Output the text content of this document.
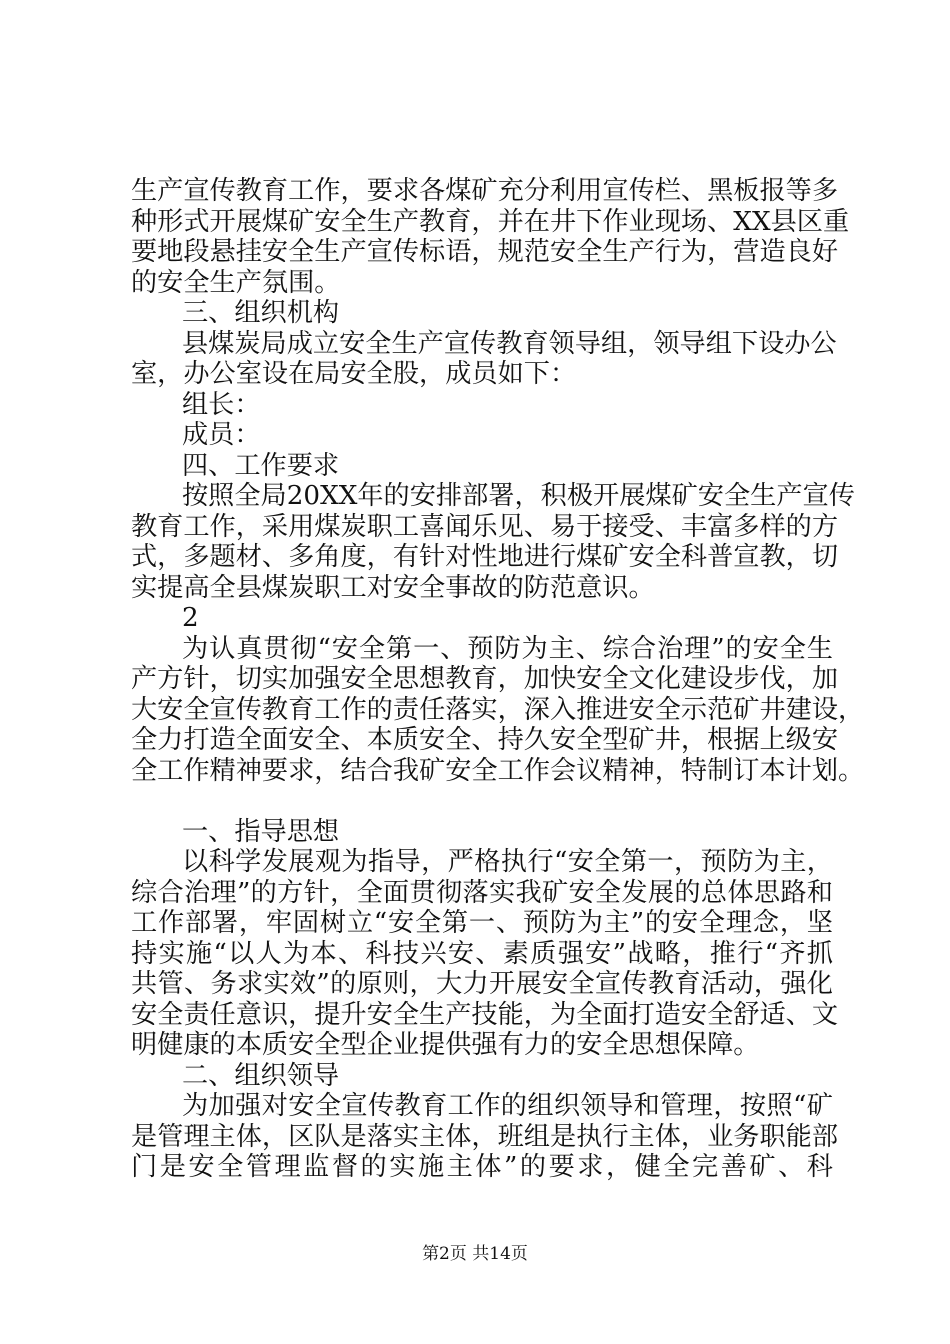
生产宣传教育工作，要求各煤矿充分利用宣传栏、黑板报等多
种形式开展煤矿安全生产教育，并在井下作业现场、XX县区重
要地段悬挂安全生产宣传标语，规范安全生产行为，营造良好
的安全生产氛围。
三、组织机构
县煤炭局成立安全生产宣传教育领导组，领导组下设办公
室，办公室设在局安全股，成员如下：
组长：
成员：
四、工作要求
按照全局20XX年的安排部署，积极开展煤矿安全生产宣传
教育工作，采用煤炭职工喜闻乐见、易于接受、丰富多样的方
式，多题材、多角度，有针对性地进行煤矿安全科普宣教，切
实提高全县煤炭职工对安全事故的防范意识。
2
为认真贯彻“安全第一、预防为主、综合治理”的安全生
产方针，切实加强安全思想教育，加快安全文化建设步伐，加
大安全宣传教育工作的责任落实，深入推进安全示范矿井建设，
全力打造全面安全、本质安全、持久安全型矿井，根据上级安
全工作精神要求，结合我矿安全工作会议精神，特制订本计划。
一、指导思想
以科学发展观为指导，严格执行“安全第一，预防为主，
综合治理”的方针，全面贯彻落实我矿安全发展的总体思路和
工作部署，牢固树立“安全第一、预防为主”的安全理念，坚
持实施“以人为本、科技兴安、素质强安”战略，推行“齐抓
共管、务求实效”的原则，大力开展安全宣传教育活动，强化
安全责任意识，提升安全生产技能，为全面打造安全舒适、文
明健康的本质安全型企业提供强有力的安全思想保障。
二、组织领导
为加强对安全宣传教育工作的组织领导和管理，按照“矿
是管理主体，区队是落实主体，班组是执行主体，业务职能部
门是安全管理监督的实施主体”的要求，健全完善矿、科
第2页 共14页
